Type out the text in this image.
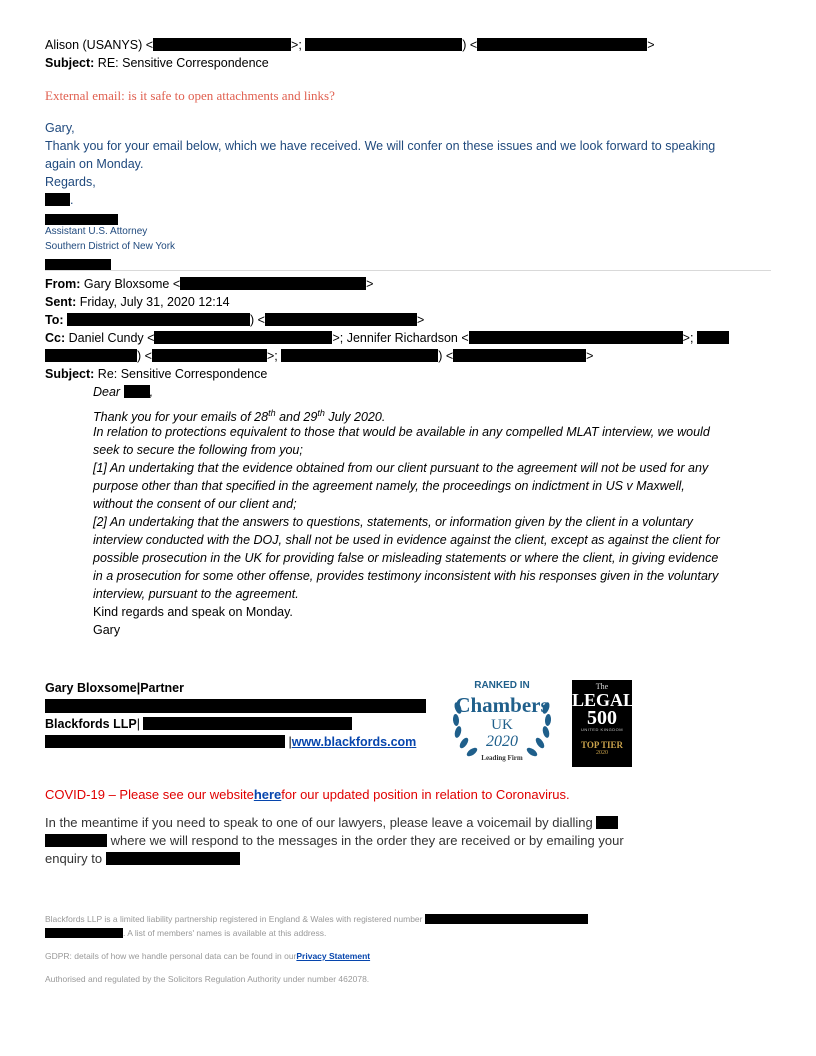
Alison (USANYS) <	>;	) <	>
Subject: RE: Sensitive Correspondence
External email: is it safe to open attachments and links?
Gary,
Thank you for your email below, which we have received. We will confer on these issues and we look forward to speaking
again on Monday.
Regards,
.
Assistant U.S. Attorney
Southern District of New York
From: Gary Bloxsome <	>
Sent: Friday, July 31, 2020 12:14
To:	) <	>
Cc: Daniel Cundy <	>; Jennifer Richardson <	>;
) <	>;	) <	>
Subject: Re: Sensitive Correspondence
Dear ,
Thank you for your emails of 28th and 29th July 2020.
In relation to protections equivalent to those that would be available in any compelled MLAT interview, we would
seek to secure the following from you;
[1] An undertaking that the evidence obtained from our client pursuant to the agreement will not be used for any
purpose other than that specified in the agreement namely, the proceedings on indictment in US v Maxwell,
without the consent of our client and;
[2] An undertaking that the answers to questions, statements, or information given by the client in a voluntary
interview conducted with the DOJ, shall not be used in evidence against the client, except as against the client for
possible prosecution in the UK for providing false or misleading statements or where the client, in giving evidence
in a prosecution for some other offense, provides testimony inconsistent with his responses given in the voluntary
interview, pursuant to the agreement.
Kind regards and speak on Monday.
Gary
Gary Bloxsome|Partner
Blackfords LLP|
|www.blackfords.com
RANKED IN
Chambers
UK
2020
Leading Firm
The
LEGAL
500
UNITED KINGDOM
TOP TIER
2020
COVID-19 – Please see our websiteherefor our updated position in relation to Coronavirus.
In the meantime if you need to speak to one of our lawyers, please leave a voicemail by dialling
where we will respond to the messages in the order they are received or by emailing your
enquiry to
Blackfords LLP is a limited liability partnership registered in England & Wales with registered number
. A list of members' names is available at this address.
GDPR: details of how we handle personal data can be found in ourPrivacy Statement
Authorised and regulated by the Solicitors Regulation Authority under number 462078.
